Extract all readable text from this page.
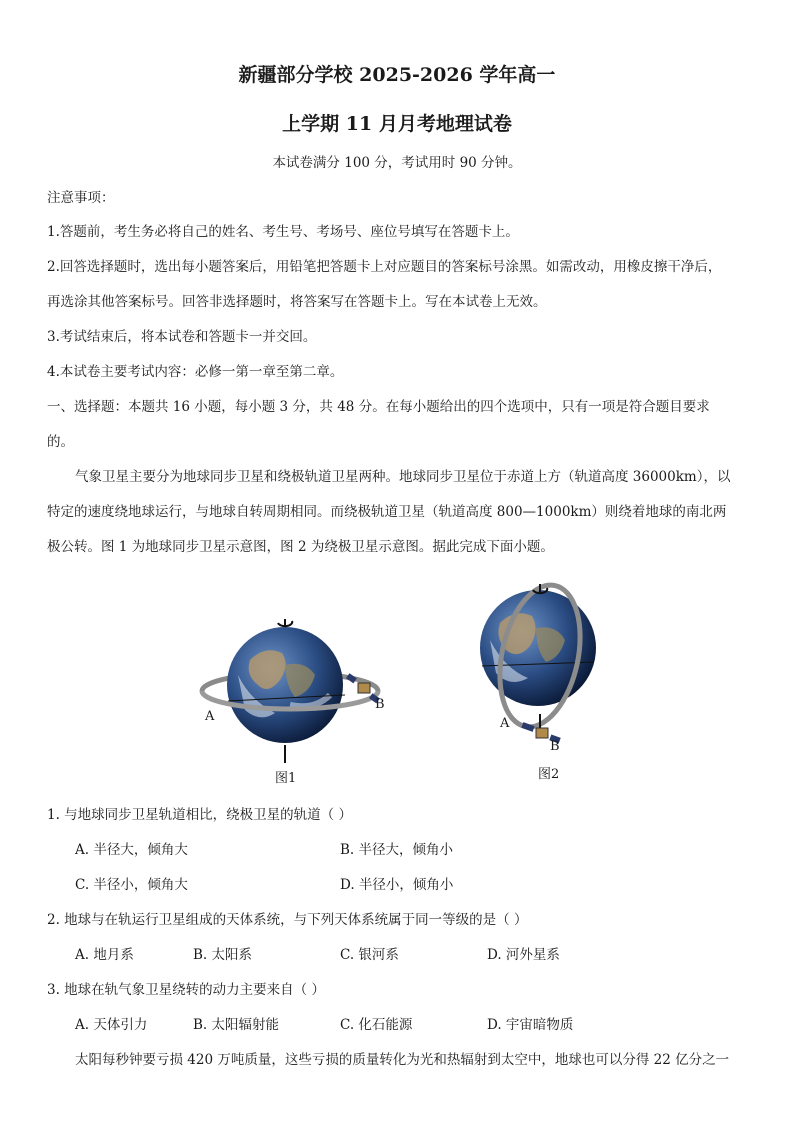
新疆部分学校 2025-2026 学年高一
上学期 11 月月考地理试卷
本试卷满分 100 分，考试用时 90 分钟。
注意事项：
1.答题前，考生务必将自己的姓名、考生号、考场号、座位号填写在答题卡上。
2.回答选择题时，选出每小题答案后，用铅笔把答题卡上对应题目的答案标号涂黑。如需改动，用橡皮擦干净后，
再选涂其他答案标号。回答非选择题时，将答案写在答题卡上。写在本试卷上无效。
3.考试结束后，将本试卷和答题卡一并交回。
4.本试卷主要考试内容：必修一第一章至第二章。
一、选择题：本题共 16 小题，每小题 3 分，共 48 分。在每小题给出的四个选项中，只有一项是符合题目要求
的。
气象卫星主要分为地球同步卫星和绕极轨道卫星两种。地球同步卫星位于赤道上方（轨道高度 36000km），以
特定的速度绕地球运行，与地球自转周期相同。而绕极轨道卫星（轨道高度 800—1000km）则绕着地球的南北两
极公转。图 1 为地球同步卫星示意图，图 2 为绕极卫星示意图。据此完成下面小题。
A
B
图1
A
B
图2
1. 与地球同步卫星轨道相比，绕极卫星的轨道（ ）
A. 半径大，倾角大	B. 半径大，倾角小
C. 半径小，倾角大	D. 半径小，倾角小
2. 地球与在轨运行卫星组成的天体系统，与下列天体系统属于同一等级的是（ ）
A. 地月系	B. 太阳系	C. 银河系	D. 河外星系
3. 地球在轨气象卫星绕转的动力主要来自（ ）
A. 天体引力	B. 太阳辐射能	C. 化石能源	D. 宇宙暗物质
太阳每秒钟要亏损 420 万吨质量，这些亏损的质量转化为光和热辐射到太空中，地球也可以分得 22 亿分之一
